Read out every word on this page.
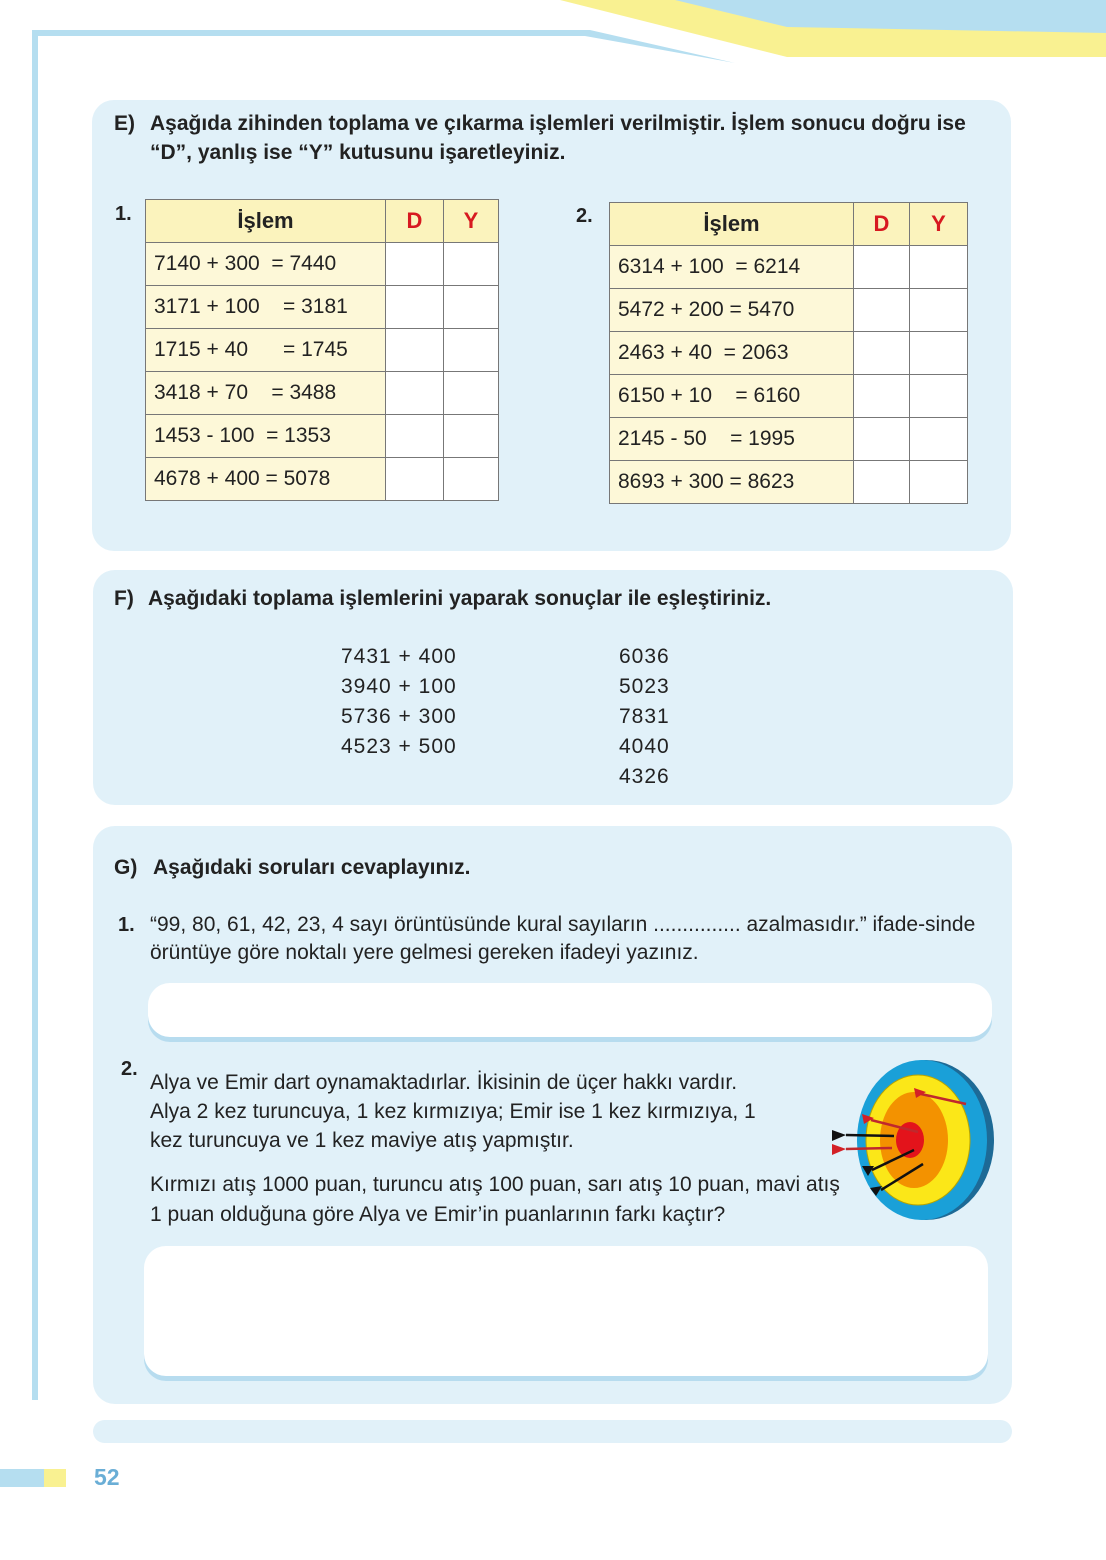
E) Aşağıda zihinden toplama ve çıkarma işlemleri verilmiştir. İşlem sonucu doğru ise “D”, yanlış ise “Y” kutusunu işaretleyiniz.
1.	İşlem	D	Y
7140 + 300  = 7440		
3171 + 100    = 3181		
1715 + 40      = 1745		
3418 + 70    = 3488		
1453 - 100  = 1353		
4678 + 400 = 5078		
2.	İşlem	D	Y
6314 + 100  = 6214		
5472 + 200 = 5470		
2463 + 40  = 2063		
6150 + 10    = 6160		
2145 - 50    = 1995		
8693 + 300 = 8623		
F) Aşağıdaki toplama işlemlerini yaparak sonuçlar ile eşleştiriniz.
7431 + 400
3940 + 100
5736 + 300
4523 + 500
6036
5023
7831
4040
4326
G) Aşağıdaki soruları cevaplayınız.
1. “99, 80, 61, 42, 23, 4 sayı örüntüsünde kural sayıların ............... azalmasıdır.” ifade-sinde örüntüye göre noktalı yere gelmesi gereken ifadeyi yazınız.
2.
Alya ve Emir dart oynamaktadırlar. İkisinin de üçer hakkı vardır. Alya 2 kez turuncuya, 1 kez kırmızıya; Emir ise 1 kez kırmızıya, 1 kez turuncuya ve 1 kez maviye atış yapmıştır.
Kırmızı atış 1000 puan, turuncu atış 100 puan, sarı atış 10 puan, mavi atış 1 puan olduğuna göre Alya ve Emir’in puanlarının farkı kaçtır?
52
